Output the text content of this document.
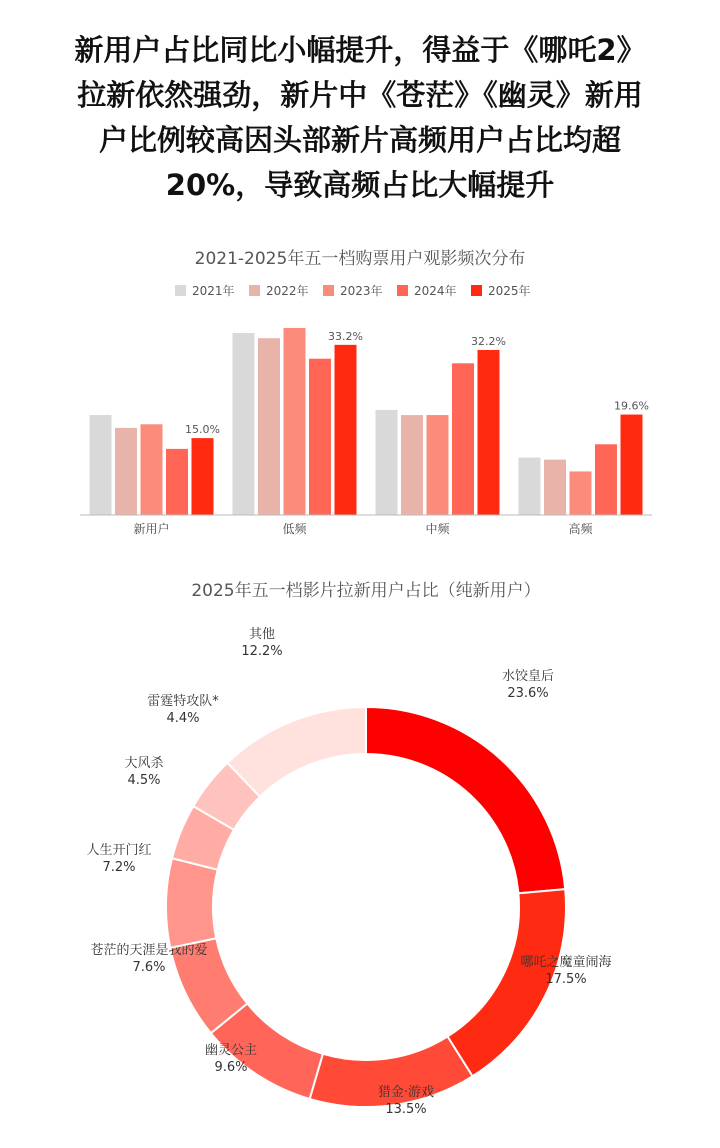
新用户占比同比小幅提升，得益于《哪吒2》
拉新依然强劲，新片中《苍茫》《幽灵》新用
户比例较高因头部新片高频用户占比均超
20%，导致高频占比大幅提升
2021-2025年五一档购票用户观影频次分布
2021年	2022年	2023年	2024年	2025年
15.0%
新用户
33.2%
低频
32.2%
中频
19.6%
高频
2025年五一档影片拉新用户占比（纯新用户）
水饺皇后
23.6%
哪吒之魔童闹海
17.5%
猎金·游戏
13.5%
幽灵公主
9.6%
苍茫的天涯是我的爱
7.6%
人生开门红
7.2%
大风杀
4.5%
雷霆特攻队*
4.4%
其他
12.2%
